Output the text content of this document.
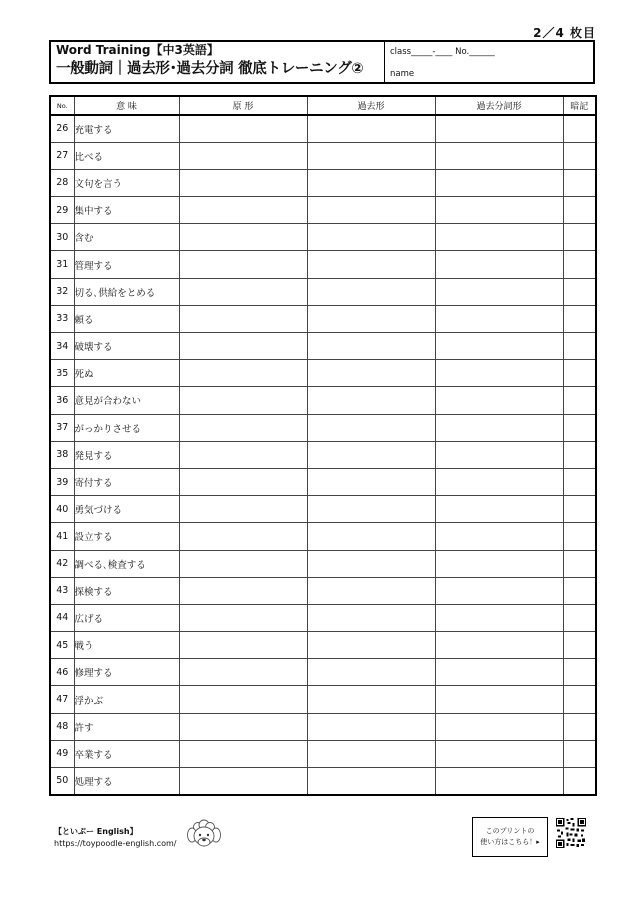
2／4 枚目
Word Training【中3英語】
一般動詞｜過去形･過去分詞 徹底トレーニング②
class_____-____ No.______
name
No.	意 味	原 形	過去形	過去分詞形	暗記
26	充電する				
27	比べる				
28	文句を言う				
29	集中する				
30	含む				
31	管理する				
32	切る､供給をとめる				
33	頼る				
34	破壊する				
35	死ぬ				
36	意見が合わない				
37	がっかりさせる				
38	発見する				
39	寄付する				
40	勇気づける				
41	設立する				
42	調べる､検査する				
43	探検する				
44	広げる				
45	戦う				
46	修理する				
47	浮かぶ				
48	許す				
49	卒業する				
50	処理する				
【といぷー English】
https://toypoodle-english.com/
このプリントの
使い方はこちら！▸
